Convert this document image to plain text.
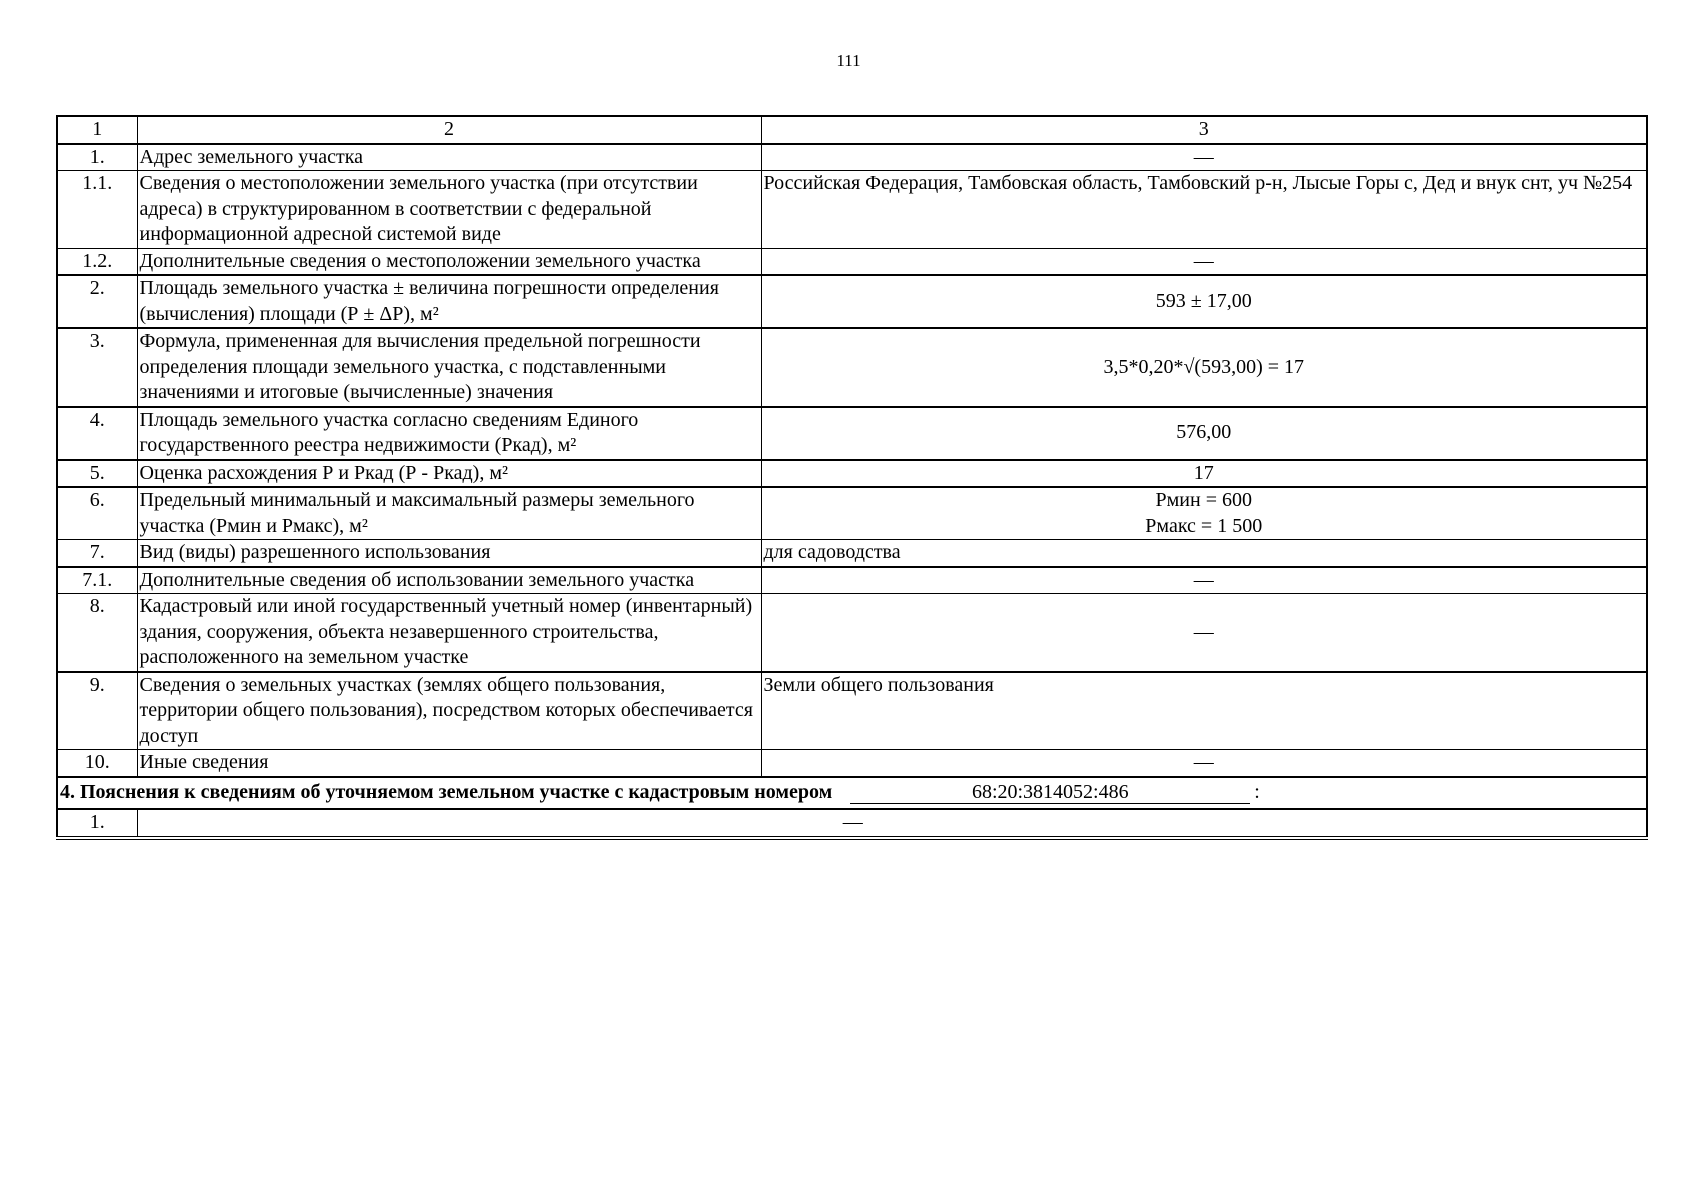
111
1	2	3
1.	Адрес земельного участка	—
1.1.	Сведения о местоположении земельного участка (при отсутствии адреса) в структурированном в соответствии с федеральной информационной адресной системой виде	Российская Федерация, Тамбовская область, Тамбовский р-н, Лысые Горы с, Дед и внук снт, уч №254
1.2.	Дополнительные сведения о местоположении земельного участка	—
2.	Площадь земельного участка ± величина погрешности определения (вычисления) площади (Р ± ΔР), м²	593 ± 17,00
3.	Формула, примененная для вычисления предельной погрешности определения площади земельного участка, с подставленными значениями и итоговые (вычисленные) значения	3,5*0,20*√(593,00) = 17
4.	Площадь земельного участка согласно сведениям Единого государственного реестра недвижимости (Ркад), м²	576,00
5.	Оценка расхождения Р и Ркад (Р - Ркад), м²	17
6.	Предельный минимальный и максимальный размеры земельного участка (Рмин и Рмакс), м²	Рмин = 600
Рмакс = 1 500

7.	Вид (виды) разрешенного использования	для садоводства
7.1.	Дополнительные сведения об использовании земельного участка	—
8.	Кадастровый или иной государственный учетный номер (инвентарный) здания, сооружения, объекта незавершенного строительства, расположенного на земельном участке	—
9.	Сведения о земельных участках (землях общего пользования, территории общего пользования), посредством которых обеспечивается доступ	Земли общего пользования
10.	Иные сведения	—
4. Пояснения к сведениям об уточняемом земельном участке с кадастровым номером 68:20:3814052:486 :		
1.	—	
